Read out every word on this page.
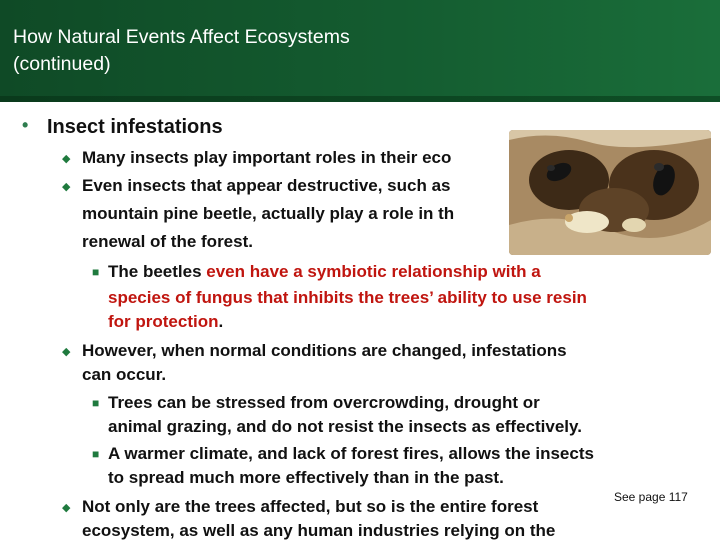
How Natural Events Affect Ecosystems
(continued)
• Insect infestations
◆ Many insects play important roles in their eco
◆ Even insects that appear destructive, such as
mountain pine beetle, actually play a role in th
renewal of the forest.
■ The beetles even have a symbiotic relationship with a
species of fungus that inhibits the trees’ ability to use resin
for protection.
◆ However, when normal conditions are changed, infestations
can occur.
■ Trees can be stressed from overcrowding, drought or
animal grazing, and do not resist the insects as effectively.
■ A warmer climate, and lack of forest fires, allows the insects
to spread much more effectively than in the past.
◆ Not only are the trees affected, but so is the entire forest
ecosystem, as well as any human industries relying on the
See page 117
